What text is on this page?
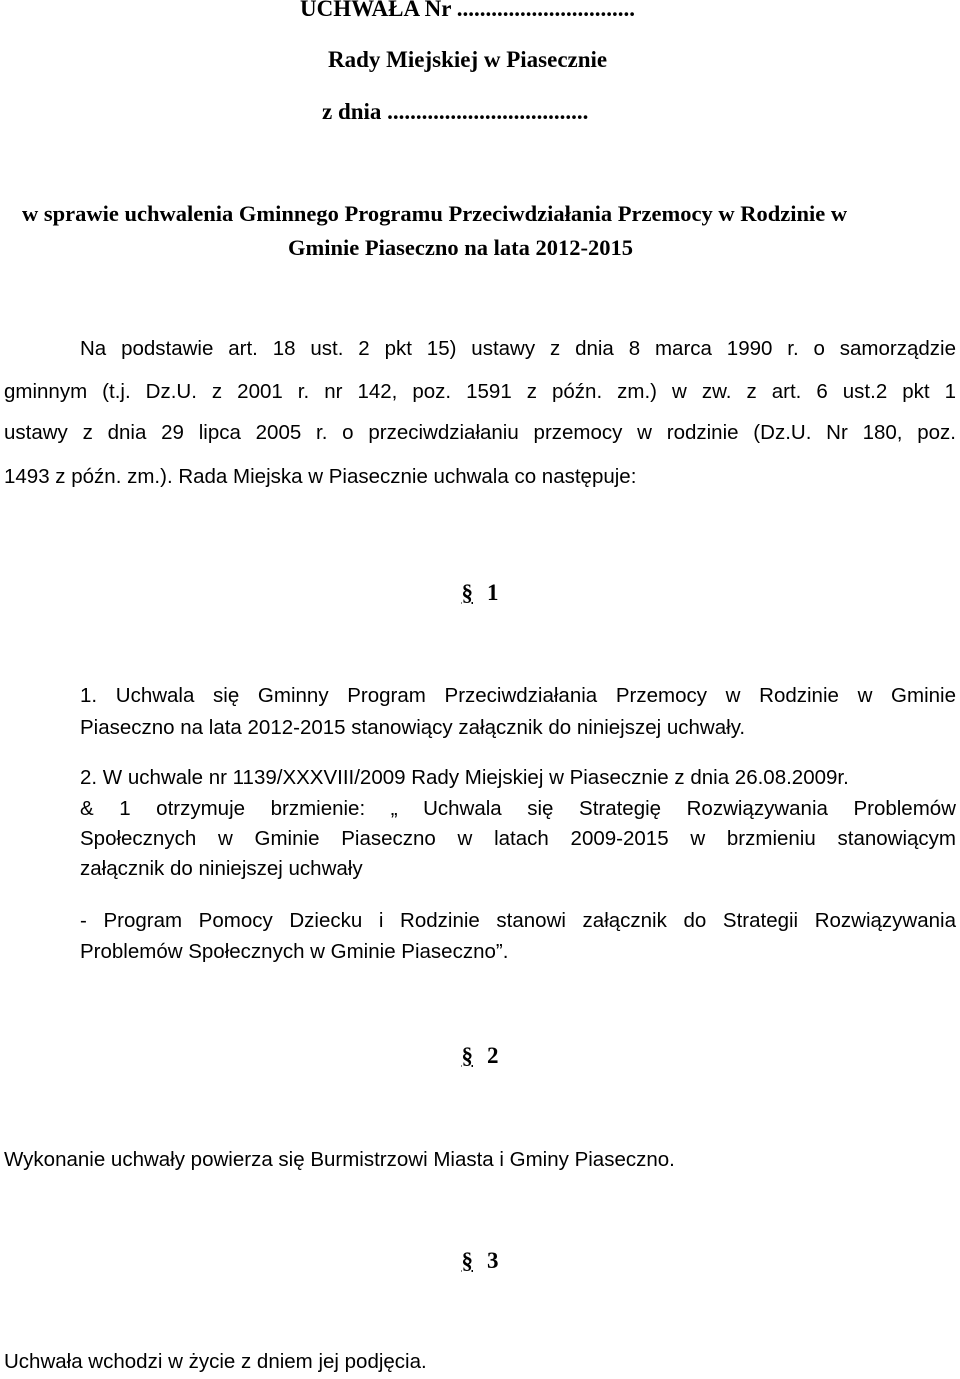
UCHWAŁA Nr ...............................
Rady Miejskiej w Piasecznie
z dnia ...................................
w sprawie uchwalenia Gminnego Programu Przeciwdziałania Przemocy w Rodzinie w
Gminie Piaseczno na lata 2012-2015
Na podstawie art. 18 ust. 2 pkt 15) ustawy z dnia 8 marca 1990 r. o samorządzie
gminnym (t.j. Dz.U. z 2001 r. nr 142, poz. 1591 z późn. zm.) w zw. z art. 6 ust.2 pkt 1
ustawy z dnia 29 lipca 2005 r. o przeciwdziałaniu przemocy w rodzinie (Dz.U. Nr 180, poz.
1493 z późn. zm.). Rada Miejska w Piasecznie uchwala co następuje:
§ 1
1. Uchwala się Gminny Program Przeciwdziałania Przemocy w Rodzinie w Gminie
Piaseczno na lata 2012-2015 stanowiący załącznik do niniejszej uchwały.
2. W uchwale nr 1139/XXXVIII/2009 Rady Miejskiej w Piasecznie z dnia 26.08.2009r.
& 1 otrzymuje brzmienie: „ Uchwala się Strategię Rozwiązywania Problemów
Społecznych w Gminie Piaseczno w latach 2009-2015 w brzmieniu stanowiącym
załącznik do niniejszej uchwały
- Program Pomocy Dziecku i Rodzinie stanowi załącznik do Strategii Rozwiązywania
Problemów Społecznych w Gminie Piaseczno”.
§ 2
Wykonanie uchwały powierza się Burmistrzowi Miasta i Gminy Piaseczno.
§ 3
Uchwała wchodzi w życie z dniem jej podjęcia.
